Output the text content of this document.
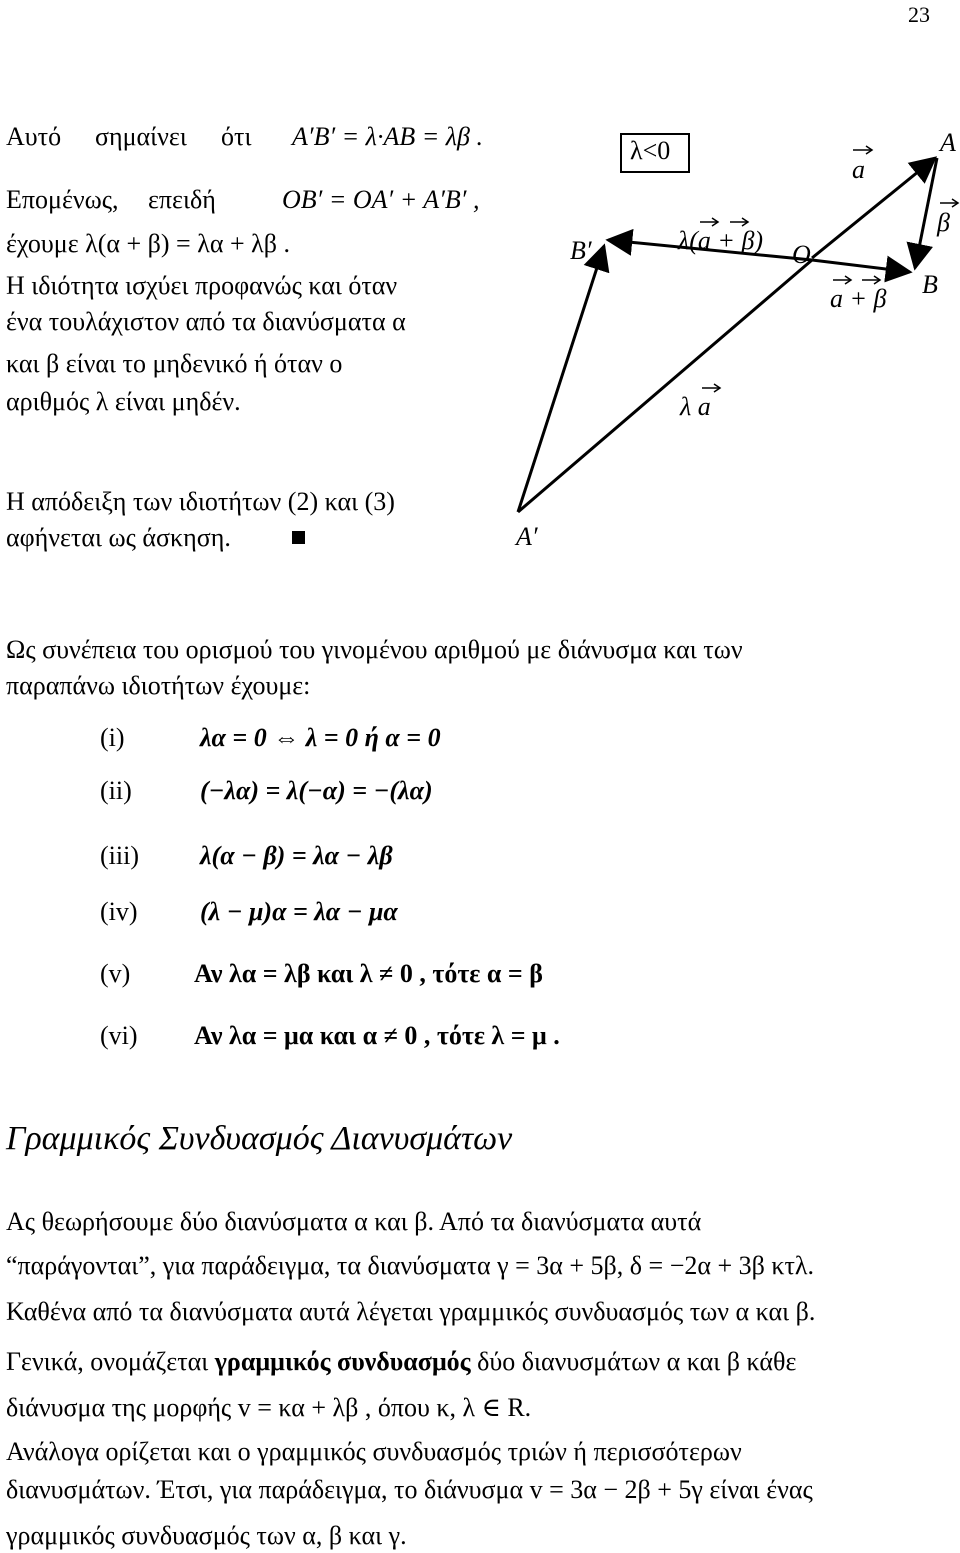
23
Αυτό σημαίνει ότι A′B′ = λ·AB = λβ .
Επομένως, επειδή	OB′ = OA′ + A′B′ ,
έχουμε λ(α + β) = λα + λβ .
Η ιδιότητα ισχύει προφανώς και όταν
ένα τουλάχιστον από τα διανύσματα α
και β είναι το μηδενικό ή όταν ο
αριθμός λ είναι μηδέν.
Η απόδειξη των ιδιοτήτων (2) και (3)
αφήνεται ως άσκηση.
λ<0	A
B
B′	O
A′
a
β
a + β
λ(a + β)
λ a
Ως συνέπεια του ορισμού του γινομένου αριθμού με διάνυσμα και των
παραπάνω ιδιοτήτων έχουμε:
(i)	λα = 0 ⇔ λ = 0 ή α = 0
(ii)	(−λα) = λ(−α) = −(λα)
(iii) λ(α − β) = λα − λβ
(iv) (λ − μ)α = λα − μα
(v) Αν λα = λβ και λ ≠ 0 , τότε α = β
(vi) Αν λα = μα και α ≠ 0 , τότε λ = μ .
Γραμμικός Συνδυασμός Διανυσμάτων
Ας θεωρήσουμε δύο διανύσματα α και β. Από τα διανύσματα αυτά
“παράγονται”, για παράδειγμα, τα διανύσματα γ = 3α + 5β, δ = −2α + 3β κτλ.
Καθένα από τα διανύσματα αυτά λέγεται γραμμικός συνδυασμός των α και β.
Γενικά, ονομάζεται γραμμικός συνδυασμός δύο διανυσμάτων α και β κάθε
διάνυσμα της μορφής v = κα + λβ , όπου κ, λ ∈ R.
Ανάλογα ορίζεται και ο γραμμικός συνδυασμός τριών ή περισσότερων
διανυσμάτων. Έτσι, για παράδειγμα, το διάνυσμα v = 3α − 2β + 5γ είναι ένας
γραμμικός συνδυασμός των α, β και γ.
